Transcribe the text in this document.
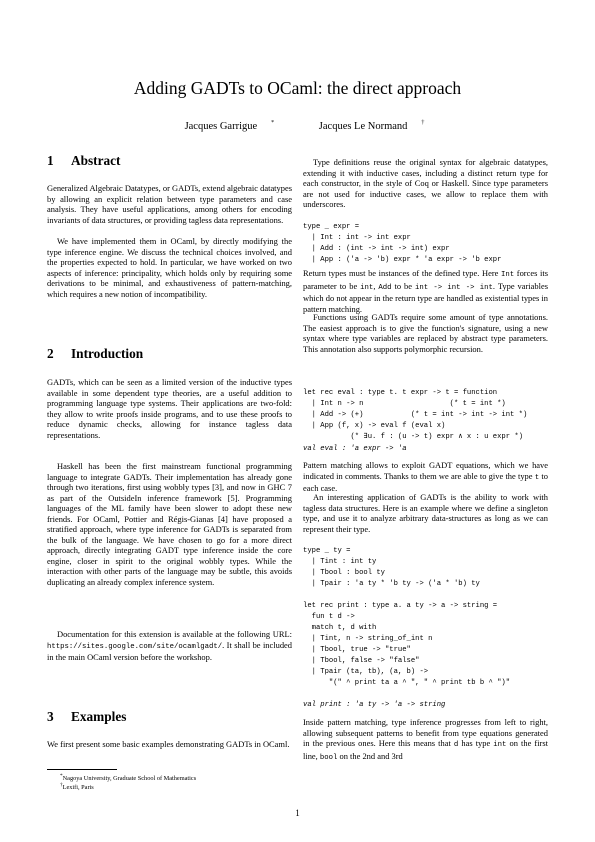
Adding GADTs to OCaml: the direct approach
Jacques Garrigue *	Jacques Le Normand †
1 Abstract

Generalized Algebraic Datatypes, or GADTs, extend algebraic datatypes by allowing an explicit relation between type parameters and case analysis. They have useful applications, among others for encoding invariants of data structures, or providing tagless data representations.

We have implemented them in OCaml, by directly modifying the type inference engine. We discuss the technical choices involved, and the properties expected to hold. In particular, we have worked on two aspects of inference: principality, which holds only by requiring some derivations to be minimal, and exhaustiveness of pattern-matching, which requires a new notion of incompatibility.

2 Introduction

GADTs, which can be seen as a limited version of the inductive types available in some dependent type theories, are a useful addition to programming language type systems. Their applications are two-fold: they allow to write proofs inside programs, and to use these proofs to reduce dynamic checks, allowing for instance tagless data representations.

Haskell has been the first mainstream functional programming language to integrate GADTs. Their implementation has already gone through two iterations, first using wobbly types [3], and now in GHC 7 as part of the OutsideIn inference framework [5]. Programming languages of the ML family have been slower to adopt these new friends. For OCaml, Pottier and Régis-Gianas [4] have proposed a stratified approach, where type inference for GADTs is separated from the bulk of the language. We have chosen to go for a more direct approach, directly integrating GADT type inference inside the core engine, closer in spirit to the original wobbly types. While the interaction with other parts of the language may be subtle, this avoids duplicating an already complex inference system.

Documentation for this extension is available at the following URL: https://sites.google.com/site/ocamlgadt/. It shall be included in the main OCaml version before the workshop.

3 Examples

We first present some basic examples demonstrating GADTs in OCaml.

*Nagoya University, Graduate School of Mathematics
†Lexifi, Paris

Type definitions reuse the original syntax for algebraic datatypes, extending it with inductive cases, including a distinct return type for each constructor, in the style of Coq or Haskell. Since type parameters are not used for inductive cases, we allow to replace them with underscores.

type _ expr =
| Int : int -> int expr
| Add : (int -> int -> int) expr
| App : ('a -> 'b) expr * 'a expr -> 'b expr

Return types must be instances of the defined type. Here Int forces its parameter to be int, Add to be int -> int -> int. Type variables which do not appear in the return type are handled as existential types in pattern matching.

Functions using GADTs require some amount of type annotations. The easiest approach is to give the function's signature, using a new syntax where type variables are replaced by abstract type parameters. This annotation also supports polymorphic recursion.

let rec eval : type t. t expr -> t = function
| Int n -> n                    (* t = int *)
| Add -> (+)           (* t = int -> int -> int *)
| App (f, x) -> eval f (eval x)
(* ∃u. f : (u -> t) expr ∧ x : u expr *)
val eval : 'a expr -> 'a

Pattern matching allows to exploit GADT equations, which we have indicated in comments. Thanks to them we are able to give the type t to each case.

An interesting application of GADTs is the ability to work with tagless data structures. Here is an example where we define a singleton type, and use it to analyze arbitrary data-structures as long as we can represent their type.

type _ ty =
| Tint : int ty
| Tbool : bool ty
| Tpair : 'a ty * 'b ty -> ('a * 'b) ty

let rec print : type a. a ty -> a -> string =
fun t d ->
match t, d with
| Tint, n -> string_of_int n
| Tbool, true -> "true"
| Tbool, false -> "false"
| Tpair (ta, tb), (a, b) ->
"(" ^ print ta a ^ ", " ^ print tb b ^ ")"
val print : 'a ty -> 'a -> string

Inside pattern matching, type inference progresses from left to right, allowing subsequent patterns to benefit from type equations generated in the previous ones. Here this means that d has type int on the first line, bool on the 2nd and 3rd

1
